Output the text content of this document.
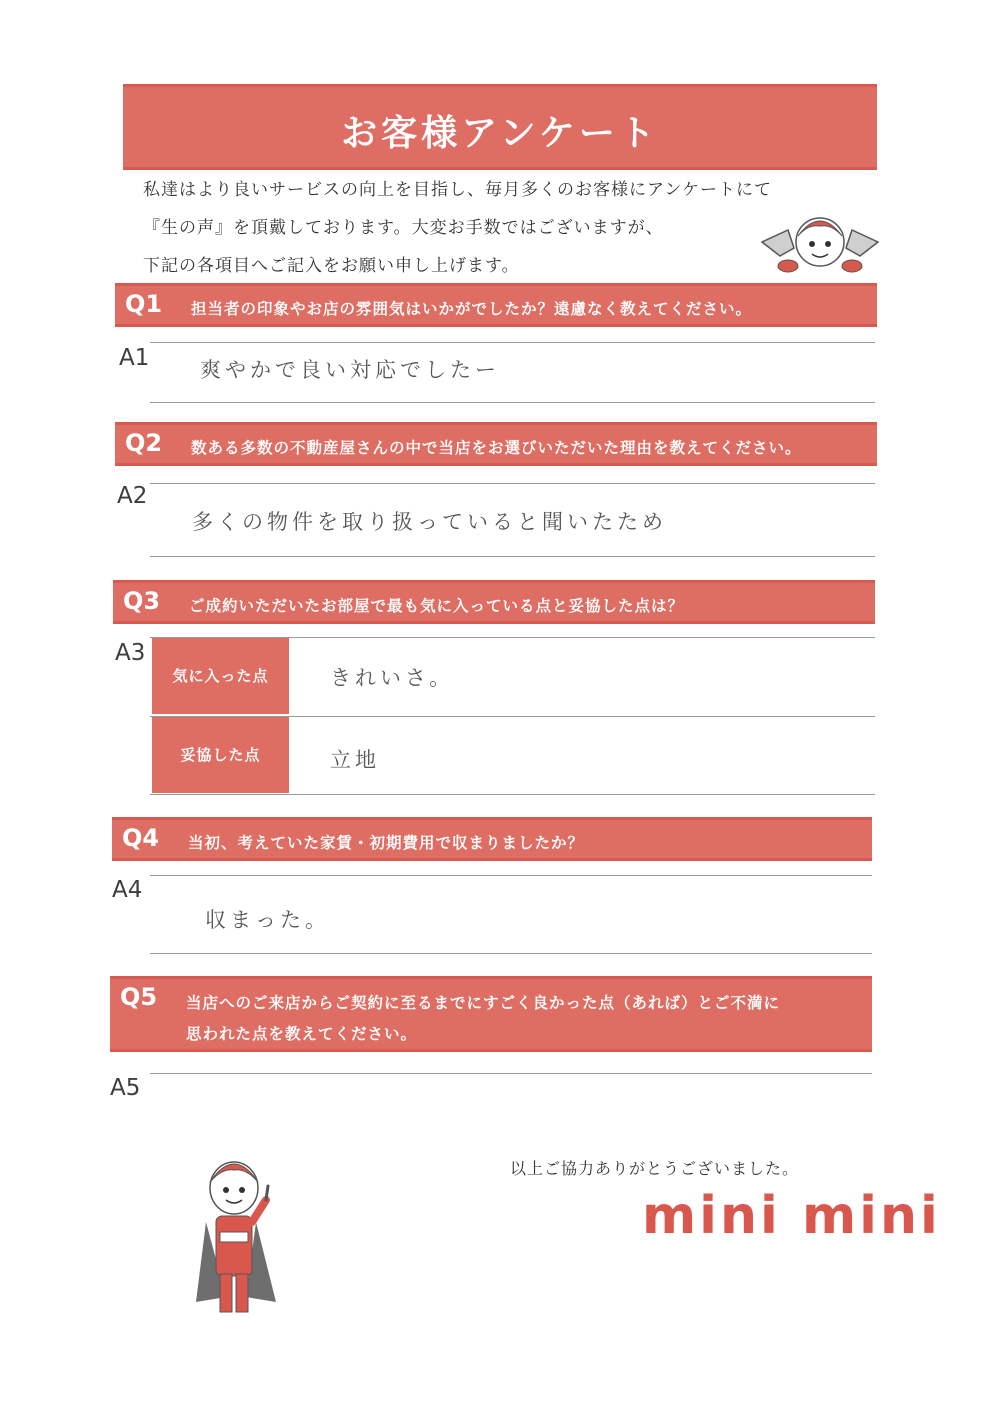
お客様アンケート
私達はより良いサービスの向上を目指し、毎月多くのお客様にアンケートにて
『生の声』を頂戴しております。大変お手数ではございますが、
下記の各項目へご記入をお願い申し上げます。
Q1 担当者の印象やお店の雰囲気はいかがでしたか？遠慮なく教えてください。
A1 爽やかで良い対応でしたー
Q2 数ある多数の不動産屋さんの中で当店をお選びいただいた理由を教えてください。
A2
多くの物件を取り扱っていると聞いたため
Q3 ご成約いただいたお部屋で最も気に入っている点と妥協した点は？
A3
気に入った点	きれいさ。
妥協した点	立地
Q4 当初、考えていた家賃・初期費用で収まりましたか？
A4
収まった。
Q5 当店へのご来店からご契約に至るまでにすごく良かった点（あれば）とご不満に
思われた点を教えてください。
A5
以上ご協力ありがとうございました。
mini mini
